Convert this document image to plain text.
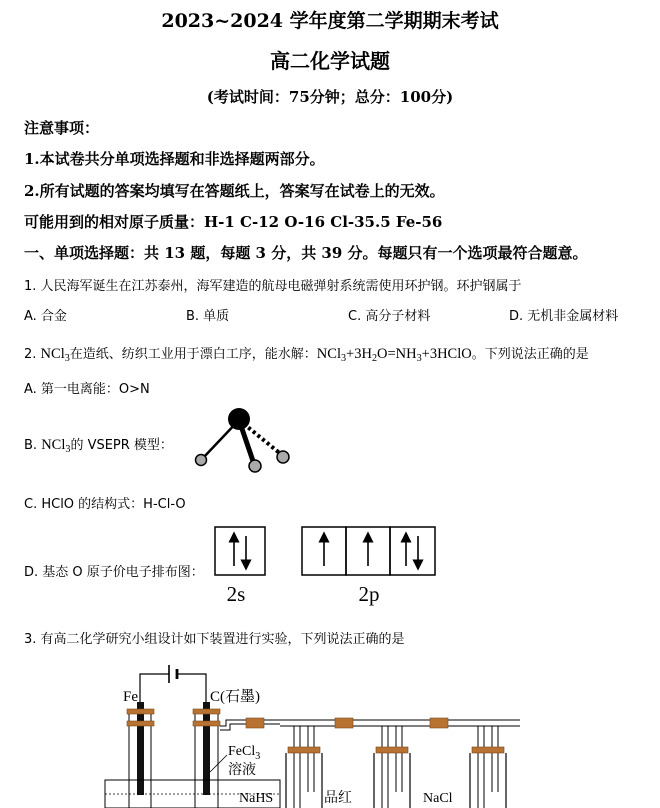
2023~2024 学年度第二学期期末考试
高二化学试题
(考试时间：75分钟；总分：100分)
注意事项：
1.本试卷共分单项选择题和非选择题两部分。
2.所有试题的答案均填写在答题纸上，答案写在试卷上的无效。
可能用到的相对原子质量：H-1 C-12 O-16 Cl-35.5 Fe-56
一、单项选择题：共 13 题，每题 3 分，共 39 分。每题只有一个选项最符合题意。
1. 人民海军诞生在江苏泰州，海军建造的航母电磁弹射系统需使用环护钢。环护钢属于
A. 合金	B. 单质	C. 高分子材料	D. 无机非金属材料
2. NCl$_3$在造纸、纺织工业用于漂白工序，能水解：$NCl_3+3H_2O=NH_3+3HClO$。下列说法正确的是
A. 第一电离能：O>N
B. NCl$_3$的 VSEPR 模型：
C. HClO 的结构式：H-Cl-O
D. 基态 O 原子价电子排布图：
2s	2p
3. 有高二化学研究小组设计如下装置进行实验，下列说法正确的是
Fe	C(石墨)
FeCl$_3$
溶液
NaHS	品红	NaCl
